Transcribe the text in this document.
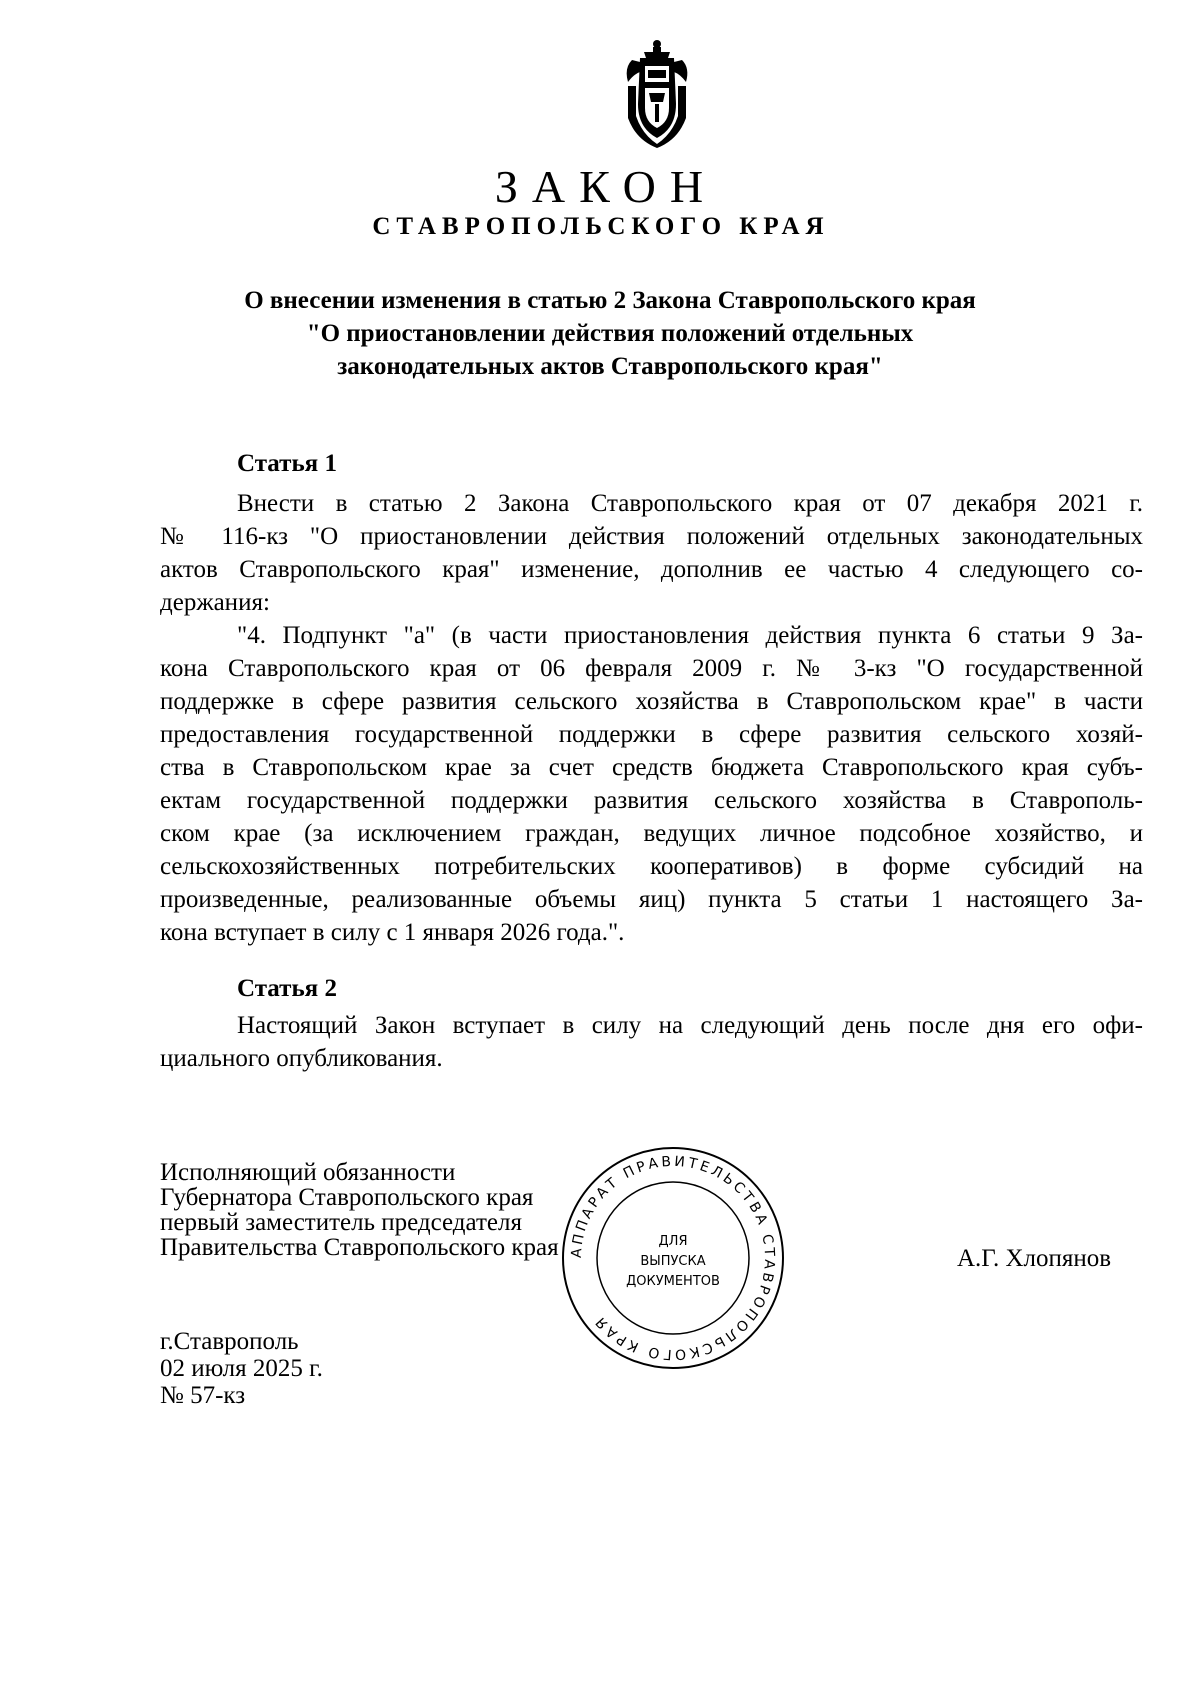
ЗАКОН
СТАВРОПОЛЬСКОГО КРАЯ
О внесении изменения в статью 2 Закона Ставропольского края
"О приостановлении действия положений отдельных
законодательных актов Ставропольского края"
Статья 1
Внести в статью 2 Закона Ставропольского края от 07 декабря 2021 г.
№ 116-кз "О приостановлении действия положений отдельных законодательных
актов Ставропольского края" изменение, дополнив ее частью 4 следующего со-
держания:
"4. Подпункт "а" (в части приостановления действия пункта 6 статьи 9 За-
кона Ставропольского края от 06 февраля 2009 г. № 3-кз "О государственной
поддержке в сфере развития сельского хозяйства в Ставропольском крае" в части
предоставления государственной поддержки в сфере развития сельского хозяй-
ства в Ставропольском крае за счет средств бюджета Ставропольского края субъ-
ектам государственной поддержки развития сельского хозяйства в Ставрополь-
ском крае (за исключением граждан, ведущих личное подсобное хозяйство, и
сельскохозяйственных потребительских кооперативов) в форме субсидий на
произведенные, реализованные объемы яиц) пункта 5 статьи 1 настоящего За-
кона вступает в силу с 1 января 2026 года.".
Статья 2
Настоящий Закон вступает в силу на следующий день после дня его офи-
циального опубликования.
Исполняющий обязанности
Губернатора Ставропольского края
первый заместитель председателя
Правительства Ставропольского края	А.Г. Хлопянов
АППАРАТ ПРАВИТЕЛЬСТВА СТАВРОПОЛЬСКОГО КРАЯ
ДЛЯ
ВЫПУСКА
ДОКУМЕНТОВ
г.Ставрополь
02 июля 2025 г.
№ 57-кз
